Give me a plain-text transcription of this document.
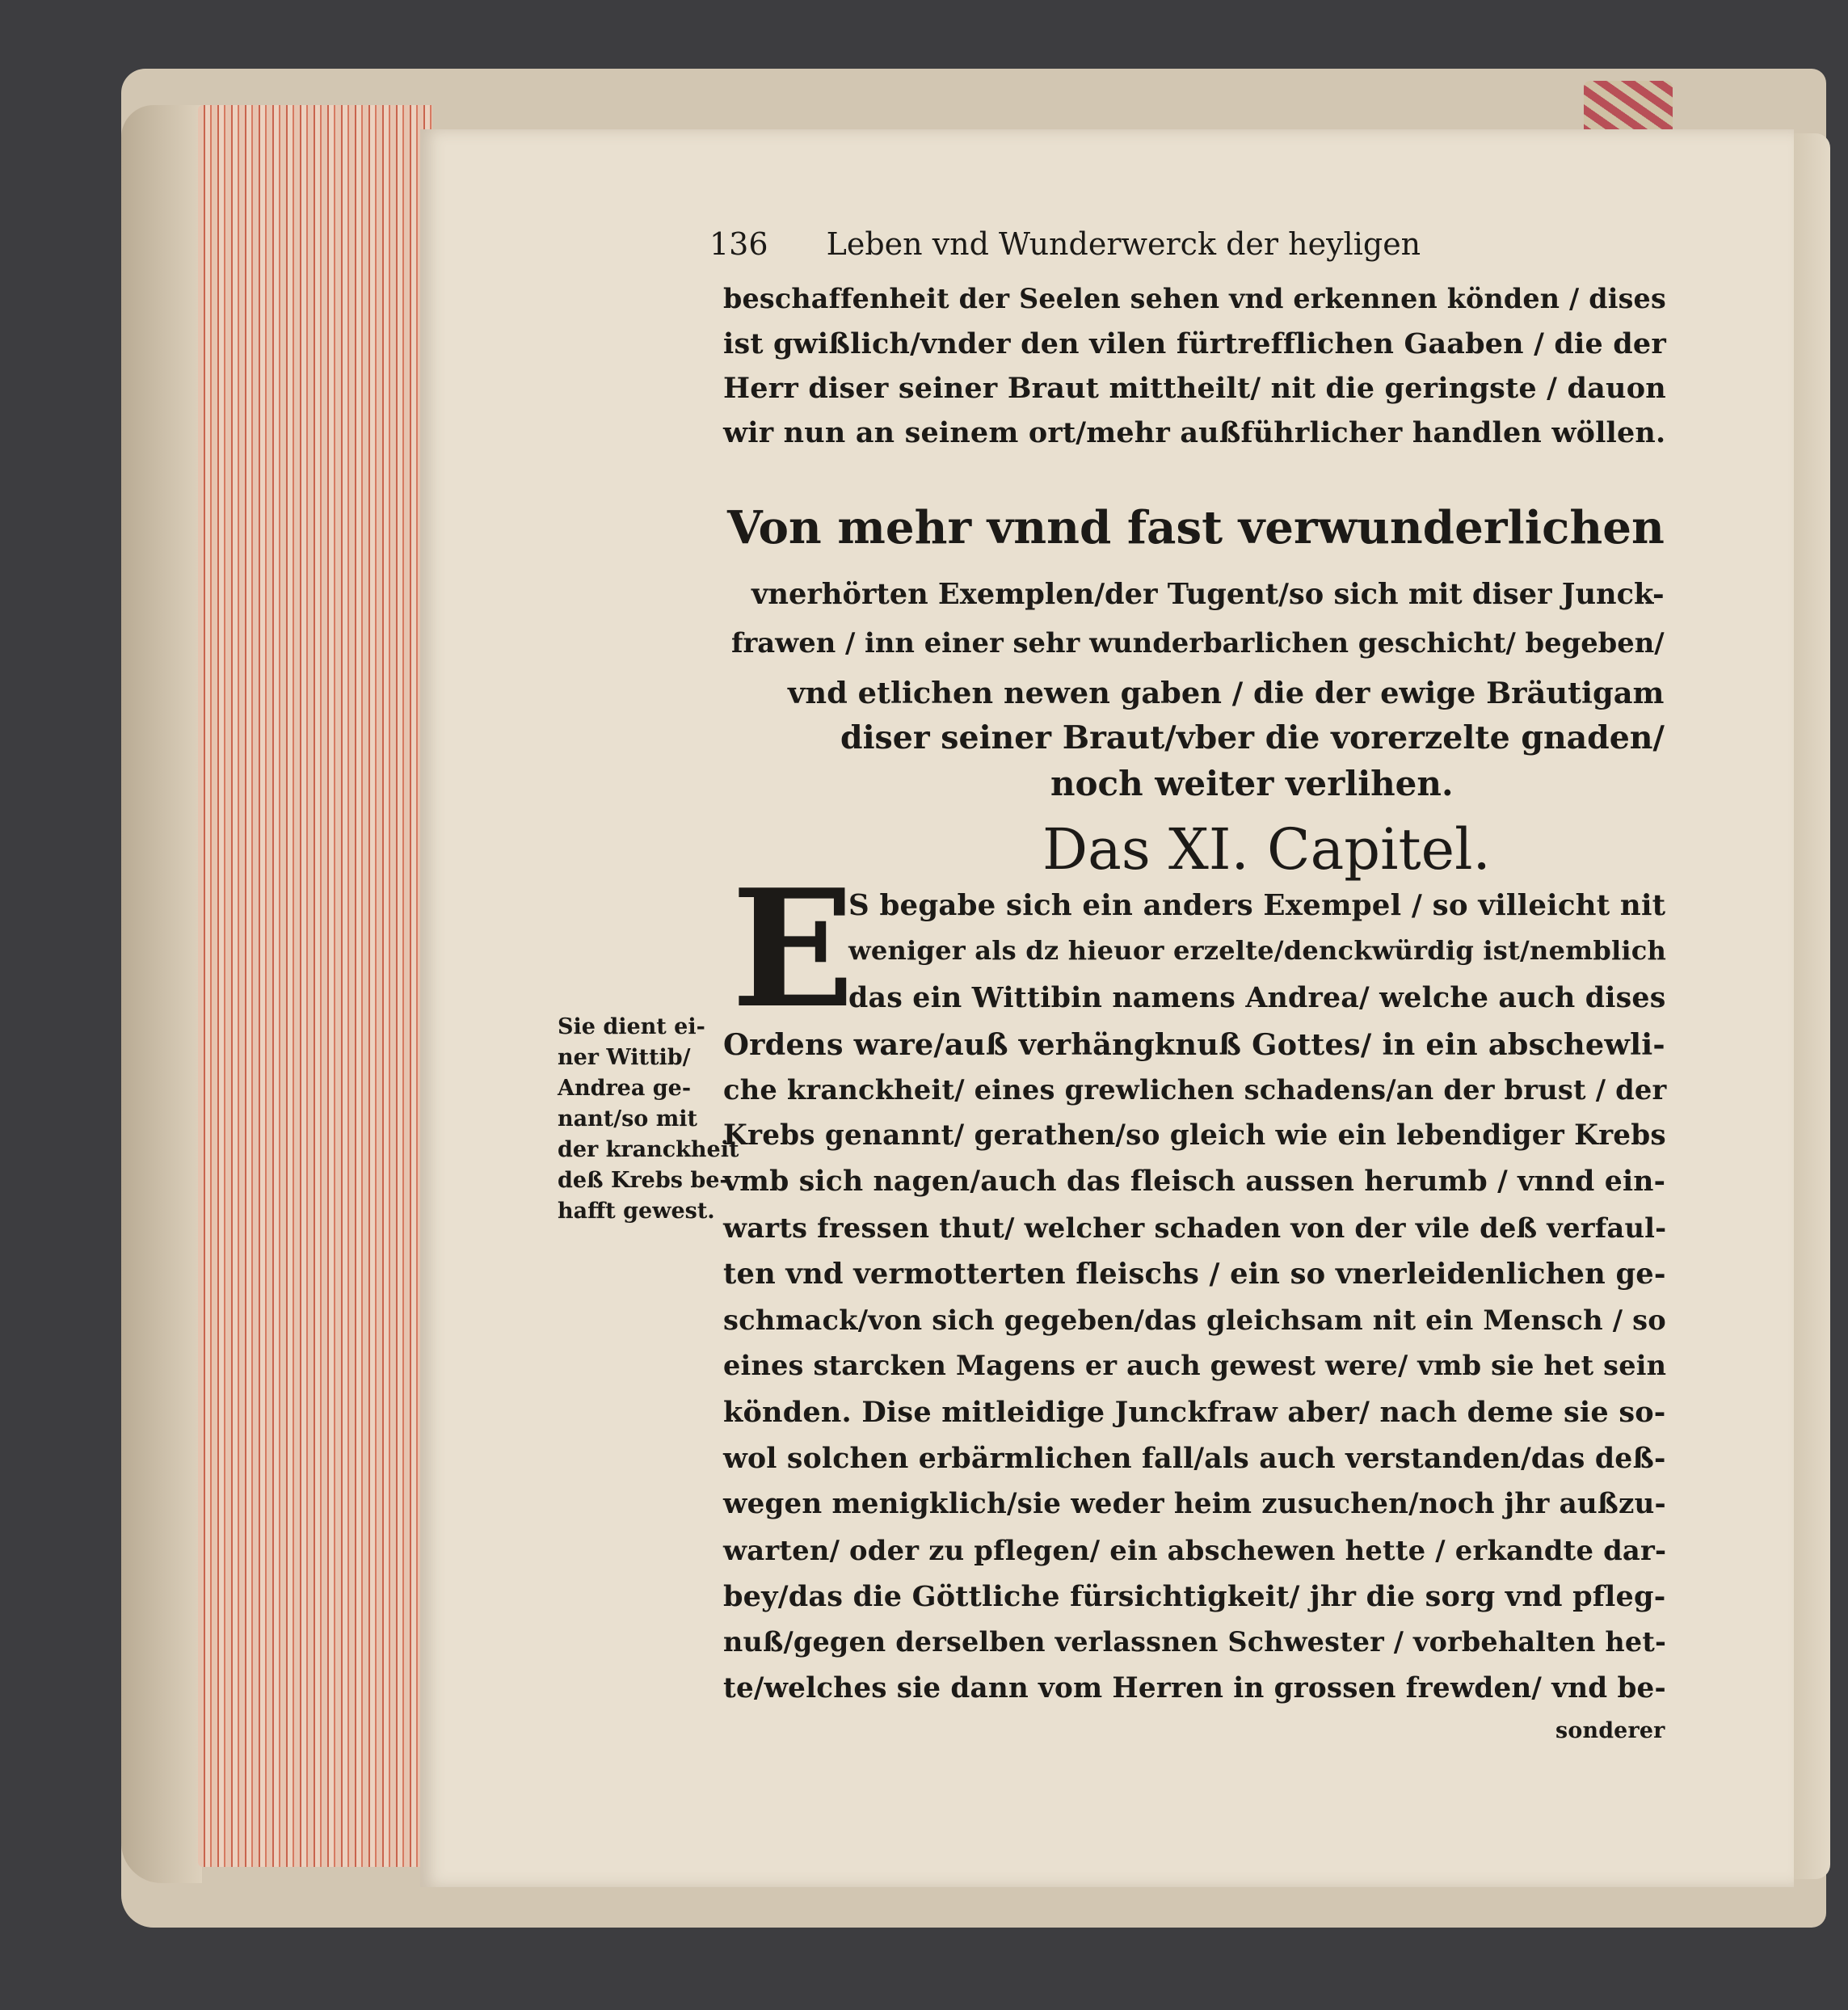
136 Leben vnd Wunderwerck der heyligen
beschaffenheit der Seelen sehen vnd erkennen könden / dises
ist gwißlich/vnder den vilen fürtrefflichen Gaaben / die der
Herr diser seiner Braut mittheilt/ nit die geringste / dauon
wir nun an seinem ort/mehr außführlicher handlen wöllen.
Von mehr vnnd fast verwunderlichen
vnerhörten Exemplen/der Tugent/so sich mit diser Junck-
frawen / inn einer sehr wunderbarlichen geschicht/ begeben/
vnd etlichen newen gaben / die der ewige Bräutigam
diser seiner Braut/vber die vorerzelte gnaden/
noch weiter verlihen.
Das XI. Capitel.
E
S begabe sich ein anders Exempel / so villeicht nit
weniger als dz hieuor erzelte/denckwürdig ist/nemblich
das ein Wittibin namens Andrea/ welche auch dises
Ordens ware/auß verhängknuß Gottes/ in ein abschewli-
che kranckheit/ eines grewlichen schadens/an der brust / der
Krebs genannt/ gerathen/so gleich wie ein lebendiger Krebs
vmb sich nagen/auch das fleisch aussen herumb / vnnd ein-
warts fressen thut/ welcher schaden von der vile deß verfaul-
ten vnd vermotterten fleischs / ein so vnerleidenlichen ge-
schmack/von sich gegeben/das gleichsam nit ein Mensch / so
eines starcken Magens er auch gewest were/ vmb sie het sein
könden. Dise mitleidige Junckfraw aber/ nach deme sie so-
wol solchen erbärmlichen fall/als auch verstanden/das deß-
wegen menigklich/sie weder heim zusuchen/noch jhr außzu-
warten/ oder zu pflegen/ ein abschewen hette / erkandte dar-
bey/das die Göttliche fürsichtigkeit/ jhr die sorg vnd pfleg-
nuß/gegen derselben verlassnen Schwester / vorbehalten het-
te/welches sie dann vom Herren in grossen frewden/ vnd be-
sonderer
Sie dient ei-
ner Wittib/
Andrea ge-
nant/so mit
der kranckheit
deß Krebs be-
hafft gewest.
